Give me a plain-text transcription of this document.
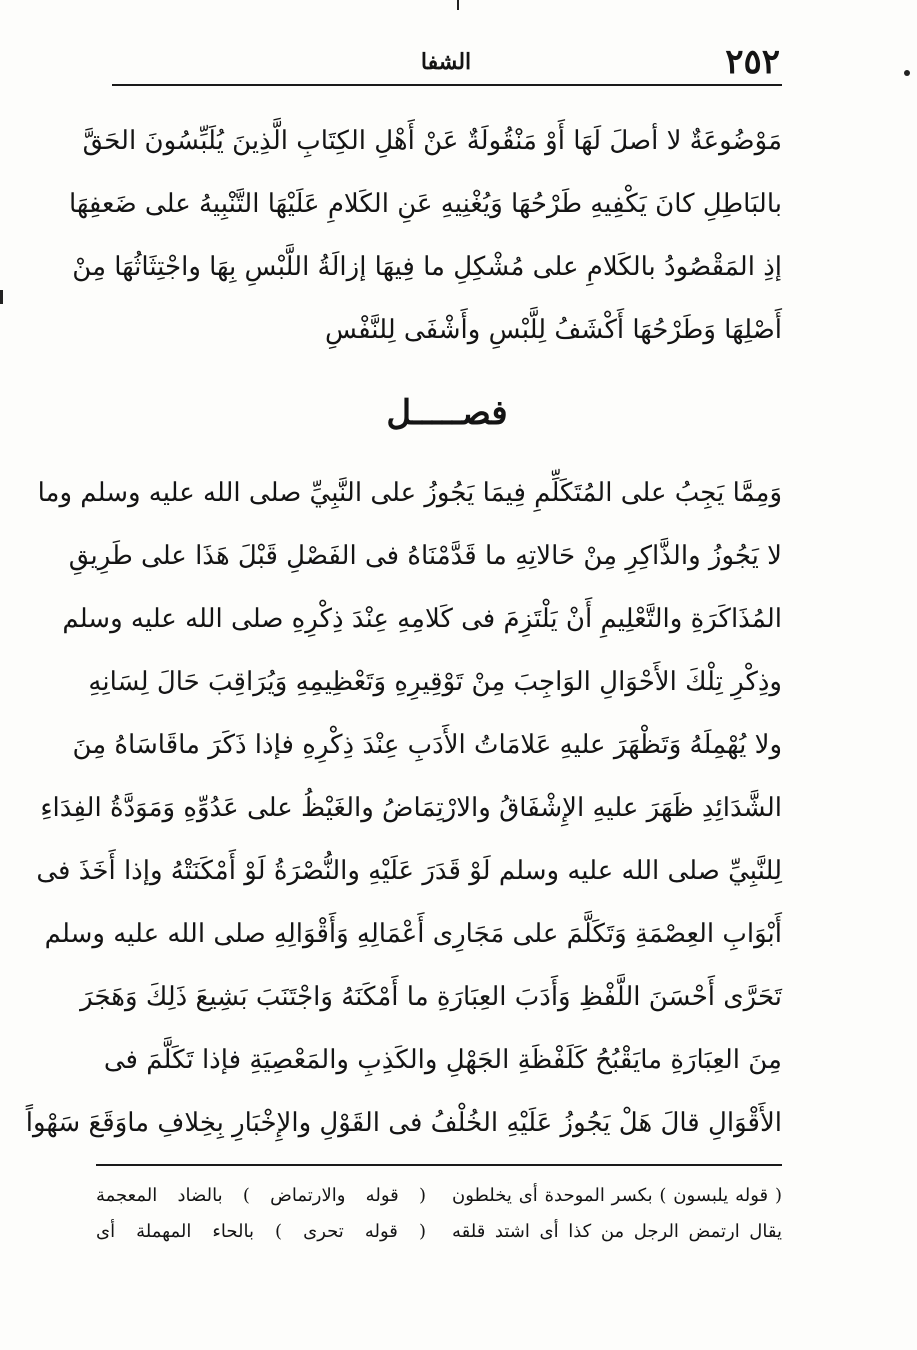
٢٥٢
الشفا
مَوْضُوعَةٌ لا أصلَ لَهَا أَوْ مَنْقُولَةٌ عَنْ أَهْلِ الكِتَابِ الَّذِينَ يُلَبِّسُونَ الحَقَّ
بالبَاطِلِ كانَ يَكْفِيهِ طَرْحُهَا وَيُغْنِيهِ عَنِ الكَلامِ عَلَيْهَا التَّنْبِيهُ على ضَعفِهَا
إذِ المَقْصُودُ بالكَلامِ على مُشْكِلِ ما فِيهَا إزالَةُ اللَّبْسِ بِهَا واجْتِثَاثُهَا مِنْ
أَصْلِهَا وَطَرْحُهَا أَكْشَفُ لِلَّبْسِ وأَشْفَى لِلنَّفْسِ
فصـــــل
وَمِمَّا يَجِبُ على المُتَكَلِّمِ فِيمَا يَجُوزُ على النَّبِيِّ صلى الله عليه وسلم وما
لا يَجُوزُ والذَّاكِرِ مِنْ حَالاتِهِ ما قَدَّمْنَاهُ فى الفَصْلِ قَبْلَ هَذَا على طَرِيقِ
المُذَاكَرَةِ والتَّعْلِيمِ أَنْ يَلْتَزِمَ فى كَلامِهِ عِنْدَ ذِكْرِهِ صلى الله عليه وسلم
وذِكْرِ تِلْكَ الأَحْوَالِ الوَاجِبَ مِنْ تَوْقِيرِهِ وَتَعْظِيمِهِ وَيُرَاقِبَ حَالَ لِسَانِهِ
ولا يُهْمِلَهُ وَتَظْهَرَ عليهِ عَلامَاتُ الأَدَبِ عِنْدَ ذِكْرِهِ فإذا ذَكَرَ ماقَاسَاهُ مِنَ
الشَّدَائِدِ ظَهَرَ عليهِ الإِشْفَاقُ والارْتِمَاضُ والغَيْظُ على عَدُوِّهِ وَمَوَدَّةُ الفِدَاءِ
لِلنَّبِيِّ صلى الله عليه وسلم لَوْ قَدَرَ عَلَيْهِ والنُّصْرَةُ لَوْ أَمْكَنَتْهُ وإذا أَخَذَ فى
أَبْوَابِ العِصْمَةِ وَتَكَلَّمَ على مَجَارِى أَعْمَالِهِ وَأَقْوَالِهِ صلى الله عليه وسلم
تَحَرَّى أَحْسَنَ اللَّفْظِ وَأَدَبَ العِبَارَةِ ما أَمْكَنَهُ وَاجْتَنَبَ بَشِيعَ ذَلِكَ وَهَجَرَ
مِنَ العِبَارَةِ مايَقْبُحُ كَلَفْظَةِ الجَهْلِ والكَذِبِ والمَعْصِيَةِ فإذا تَكَلَّمَ فى
الأَقْوَالِ قالَ هَلْ يَجُوزُ عَلَيْهِ الخُلْفُ فى القَوْلِ والإِخْبَارِ بِخِلافِ ماوَقَعَ سَهْواً
( قوله يلبسون ) بكسر الموحدة أى يخلطون
يقال ارتمض الرجل من كذا أى اشتد قلقه
( قوله والارتماض ) بالضاد المعجمة
( قوله تحرى ) بالحاء المهملة أى
